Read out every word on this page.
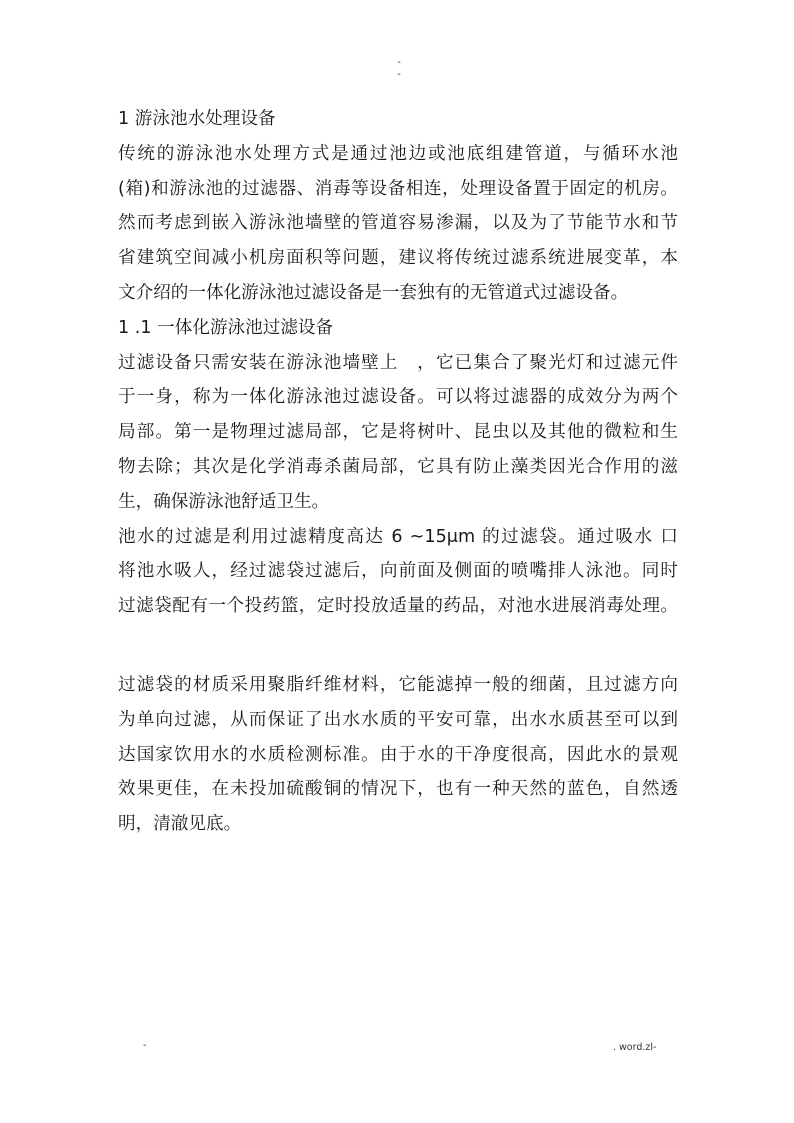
-
-
1 游泳池水处理设备
传统的游泳池水处理方式是通过池边或池底组建管道，与循环水池
(箱)和游泳池的过滤器、消毒等设备相连，处理设备置于固定的机房。
然而考虑到嵌入游泳池墙壁的管道容易渗漏，以及为了节能节水和节
省建筑空间减小机房面积等问题，建议将传统过滤系统进展变革，本
文介绍的一体化游泳池过滤设备是一套独有的无管道式过滤设备。
1 .1 一体化游泳池过滤设备
过滤设备只需安装在游泳池墙壁上　，它已集合了聚光灯和过滤元件
于一身，称为一体化游泳池过滤设备。可以将过滤器的成效分为两个
局部。第一是物理过滤局部，它是将树叶、昆虫以及其他的微粒和生
物去除；其次是化学消毒杀菌局部，它具有防止藻类因光合作用的滋
生，确保游泳池舒适卫生。
池水的过滤是利用过滤精度高达 6 ~15μm 的过滤袋。通过吸水 口
将池水吸人，经过滤袋过滤后，向前面及侧面的喷嘴排人泳池。同时
过滤袋配有一个投药篮，定时投放适量的药品，对池水进展消毒处理。
过滤袋的材质采用聚脂纤维材料，它能滤掉一般的细菌，且过滤方向
为单向过滤，从而保证了出水水质的平安可靠，出水水质甚至可以到
达国家饮用水的水质检测标准。由于水的干净度很高，因此水的景观
效果更佳，在未投加硫酸铜的情况下，也有一种天然的蓝色，自然透
明，清澈见底。
-	. word.zl-
